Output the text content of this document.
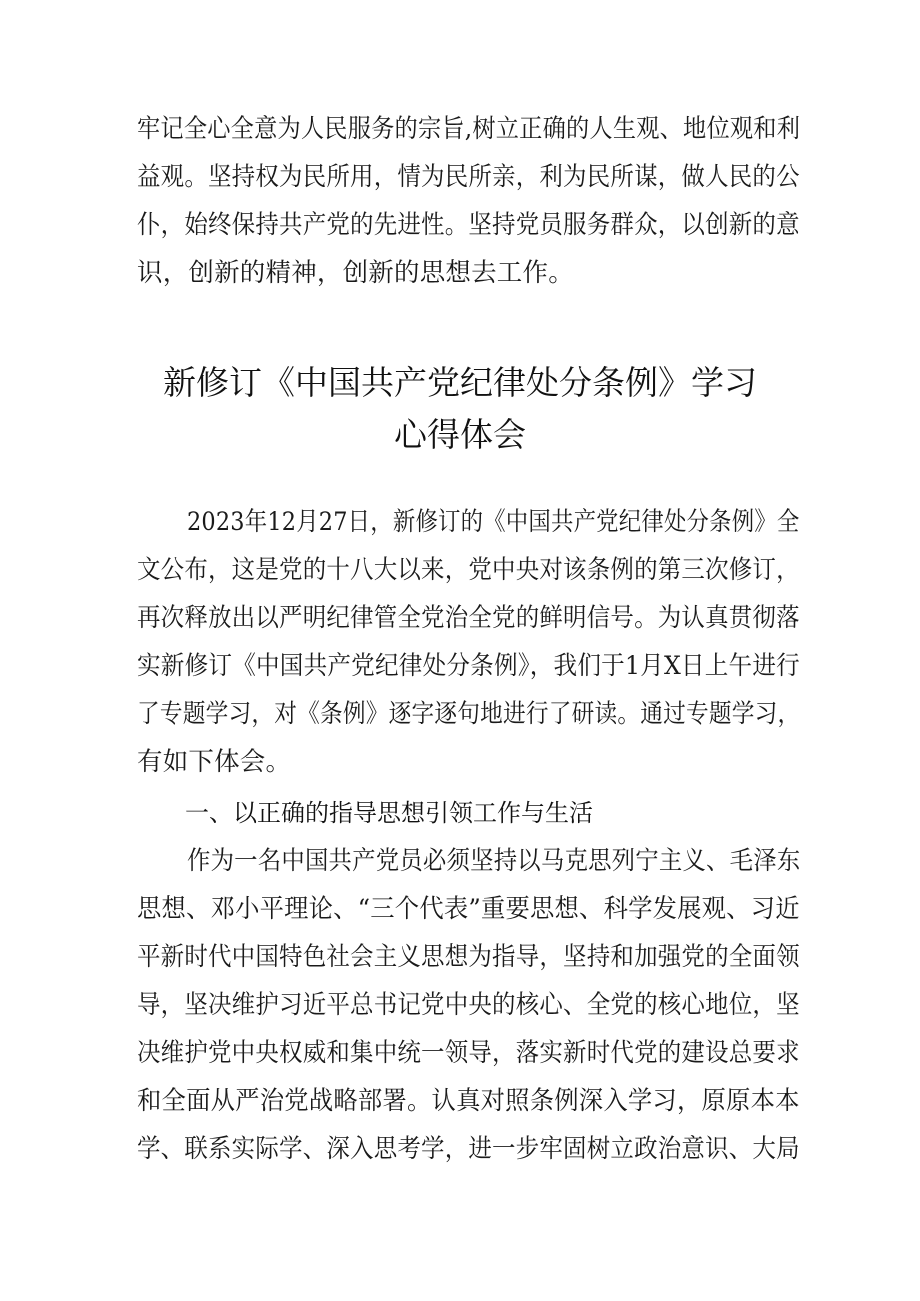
牢记全心全意为人民服务的宗旨,树立正确的人生观、地位观和利
益观。坚持权为民所用，情为民所亲，利为民所谋，做人民的公
仆，始终保持共产党的先进性。坚持党员服务群众，以创新的意
识，创新的精神，创新的思想去工作。
新修订《中国共产党纪律处分条例》学习
心得体会
2023年12月27日，新修订的《中国共产党纪律处分条例》全
文公布，这是党的十八大以来，党中央对该条例的第三次修订，
再次释放出以严明纪律管全党治全党的鲜明信号。为认真贯彻落
实新修订《中国共产党纪律处分条例》，我们于1月X日上午进行
了专题学习，对《条例》逐字逐句地进行了研读。通过专题学习，
有如下体会。
一、以正确的指导思想引领工作与生活
作为一名中国共产党员必须坚持以马克思列宁主义、毛泽东
思想、邓小平理论、“三个代表”重要思想、科学发展观、习近
平新时代中国特色社会主义思想为指导，坚持和加强党的全面领
导，坚决维护习近平总书记党中央的核心、全党的核心地位，坚
决维护党中央权威和集中统一领导，落实新时代党的建设总要求
和全面从严治党战略部署。认真对照条例深入学习，原原本本
学、联系实际学、深入思考学，进一步牢固树立政治意识、大局
